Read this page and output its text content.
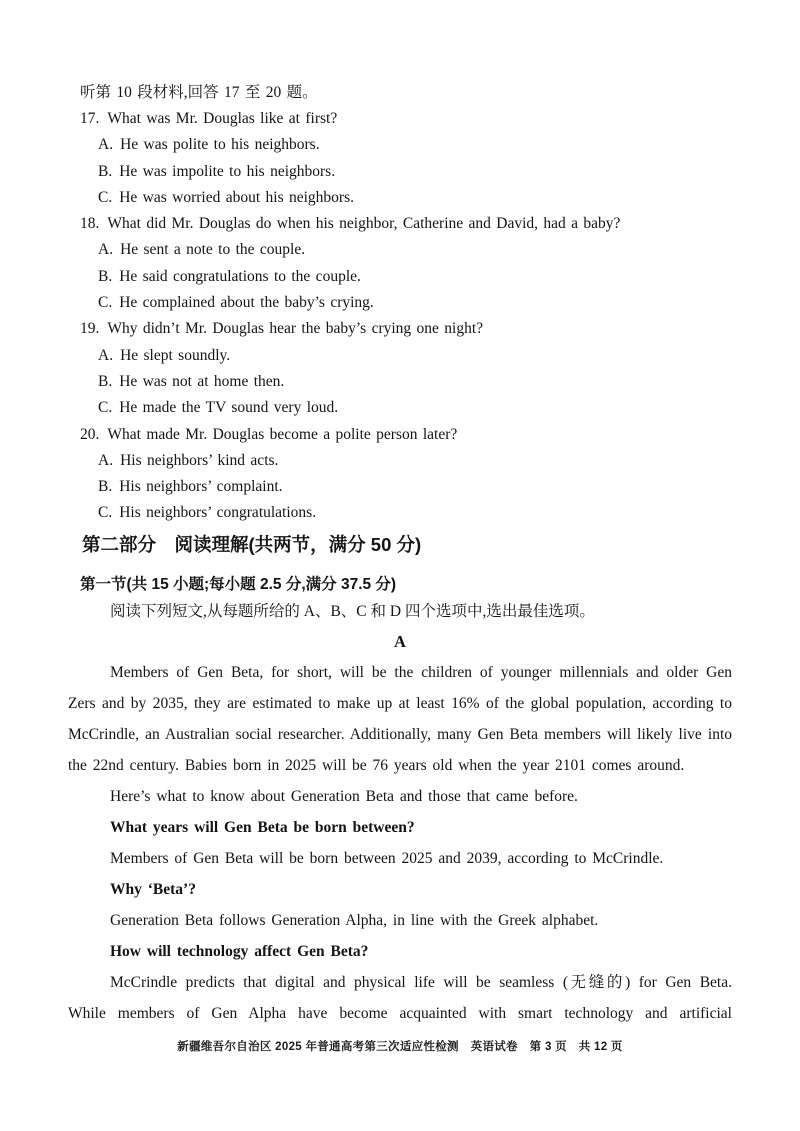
听第 10 段材料,回答 17 至 20 题。
17. What was Mr. Douglas like at first?
A. He was polite to his neighbors.
B. He was impolite to his neighbors.
C. He was worried about his neighbors.
18. What did Mr. Douglas do when his neighbor, Catherine and David, had a baby?
A. He sent a note to the couple.
B. He said congratulations to the couple.
C. He complained about the baby’s crying.
19. Why didn’t Mr. Douglas hear the baby’s crying one night?
A. He slept soundly.
B. He was not at home then.
C. He made the TV sound very loud.
20. What made Mr. Douglas become a polite person later?
A. His neighbors’ kind acts.
B. His neighbors’ complaint.
C. His neighbors’ congratulations.
第二部分　阅读理解(共两节，满分 50 分)
第一节(共 15 小题;每小题 2.5 分,满分 37.5 分)
阅读下列短文,从每题所给的 A、B、C 和 D 四个选项中,选出最佳选项。
A
Members of Gen Beta, for short, will be the children of younger millennials and older Gen Zers and by 2035, they are estimated to make up at least 16% of the global population, according to McCrindle, an Australian social researcher. Additionally, many Gen Beta members will likely live into the 22nd century. Babies born in 2025 will be 76 years old when the year 2101 comes around.
Here’s what to know about Generation Beta and those that came before.
What years will Gen Beta be born between?
Members of Gen Beta will be born between 2025 and 2039, according to McCrindle.
Why ‘Beta’?
Generation Beta follows Generation Alpha, in line with the Greek alphabet.
How will technology affect Gen Beta?
McCrindle predicts that digital and physical life will be seamless (无缝的) for Gen Beta.
While members of Gen Alpha have become acquainted with smart technology and artificial
新疆维吾尔自治区 2025 年普通高考第三次适应性检测　英语试卷　第 3 页　共 12 页
